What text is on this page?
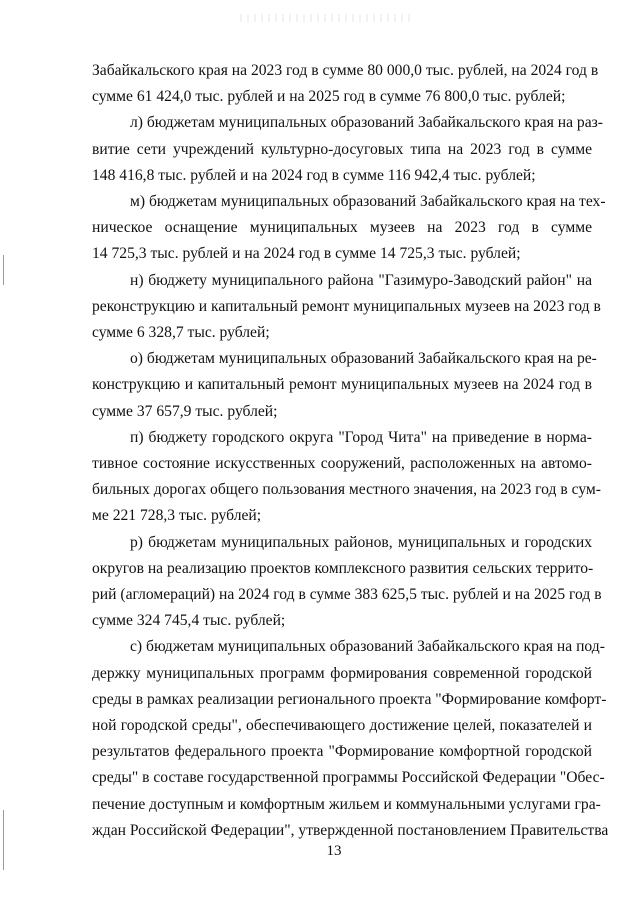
Забайкальского края на 2023 год в сумме 80 000,0 тыс. рублей, на 2024 год в
сумме 61 424,0 тыс. рублей и на 2025 год в сумме 76 800,0 тыс. рублей;
л) бюджетам муниципальных образований Забайкальского края на раз-
витие сети учреждений культурно-досуговых типа на 2023 год в сумме
148 416,8 тыс. рублей и на 2024 год в сумме 116 942,4 тыс. рублей;
м) бюджетам муниципальных образований Забайкальского края на тех-
ническое оснащение муниципальных музеев на 2023 год в сумме
14 725,3 тыс. рублей и на 2024 год в сумме 14 725,3 тыс. рублей;
н) бюджету муниципального района "Газимуро-Заводский район" на
реконструкцию и капитальный ремонт муниципальных музеев на 2023 год в
сумме 6 328,7 тыс. рублей;
о) бюджетам муниципальных образований Забайкальского края на ре-
конструкцию и капитальный ремонт муниципальных музеев на 2024 год в
сумме 37 657,9 тыс. рублей;
п) бюджету городского округа "Город Чита" на приведение в норма-
тивное состояние искусственных сооружений, расположенных на автомо-
бильных дорогах общего пользования местного значения, на 2023 год в сум-
ме 221 728,3 тыс. рублей;
р) бюджетам муниципальных районов, муниципальных и городских
округов на реализацию проектов комплексного развития сельских террито-
рий (агломераций) на 2024 год в сумме 383 625,5 тыс. рублей и на 2025 год в
сумме 324 745,4 тыс. рублей;
с) бюджетам муниципальных образований Забайкальского края на под-
держку муниципальных программ формирования современной городской
среды в рамках реализации регионального проекта "Формирование комфорт-
ной городской среды", обеспечивающего достижение целей, показателей и
результатов федерального проекта "Формирование комфортной городской
среды" в составе государственной программы Российской Федерации "Обес-
печение доступным и комфортным жильем и коммунальными услугами гра-
ждан Российской Федерации", утвержденной постановлением Правительства
13
